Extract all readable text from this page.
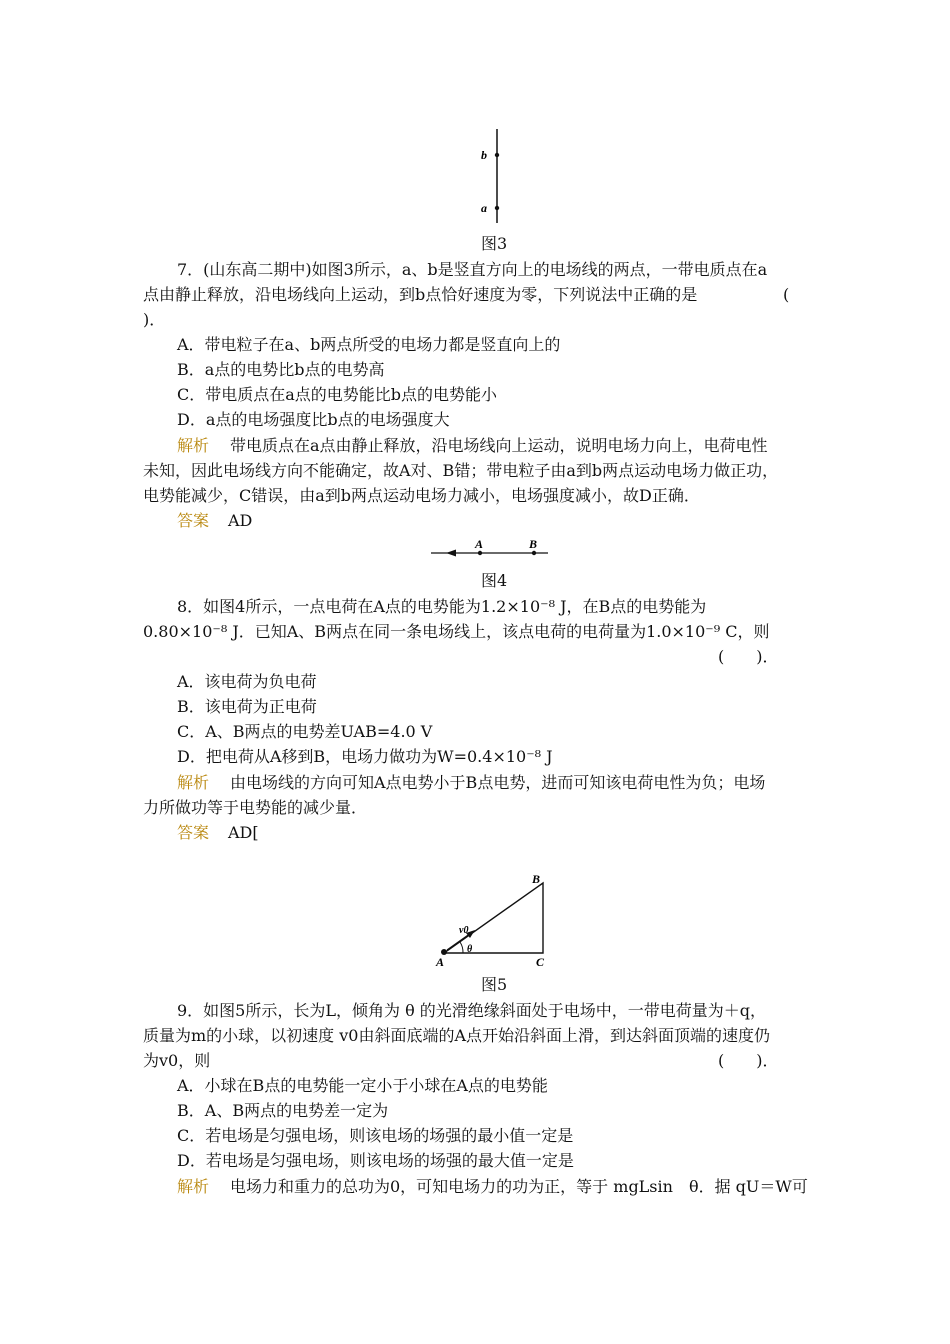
b
a
图3
7．(山东高二期中)如图3所示，a、b是竖直方向上的电场线的两点，一带电质点在a
点由静止释放，沿电场线向上运动，到b点恰好速度为零，下列说法中正确的是	(
)．
A．带电粒子在a、b两点所受的电场力都是竖直向上的
B．a点的电势比b点的电势高
C．带电质点在a点的电势能比b点的电势能小
D．a点的电场强度比b点的电场强度大
解析 带电质点在a点由静止释放，沿电场线向上运动，说明电场力向上，电荷电性
未知，因此电场线方向不能确定，故A对、B错；带电粒子由a到b两点运动电场力做正功，
电势能减少，C错误，由a到b两点运动电场力减小，电场强度减小，故D正确．
答案 AD
A	B
图4
8．如图4所示，一点电荷在A点的电势能为1.2×10⁻⁸ J，在B点的电势能为
0.80×10⁻⁸ J．已知A、B两点在同一条电场线上，该点电荷的电荷量为1.0×10⁻⁹ C，则
(　　)．
A．该电荷为负电荷
B．该电荷为正电荷
C．A、B两点的电势差UAB=4.0 V
D．把电荷从A移到B，电场力做功为W=0.4×10⁻⁸ J
解析 由电场线的方向可知A点电势小于B点电势，进而可知该电荷电性为负；电场
力所做功等于电势能的减少量．
答案 AD[
v0
θ
A
B
C
图5
9．如图5所示，长为L，倾角为 θ 的光滑绝缘斜面处于电场中，一带电荷量为＋q，
质量为m的小球，以初速度 v0由斜面底端的A点开始沿斜面上滑，到达斜面顶端的速度仍
为v0，则	(　　)．
A．小球在B点的电势能一定小于小球在A点的电势能
B．A、B两点的电势差一定为
C．若电场是匀强电场，则该电场的场强的最小值一定是
D．若电场是匀强电场，则该电场的场强的最大值一定是
解析 电场力和重力的总功为0，可知电场力的功为正，等于 mgLsin　θ．据 qU＝W可
